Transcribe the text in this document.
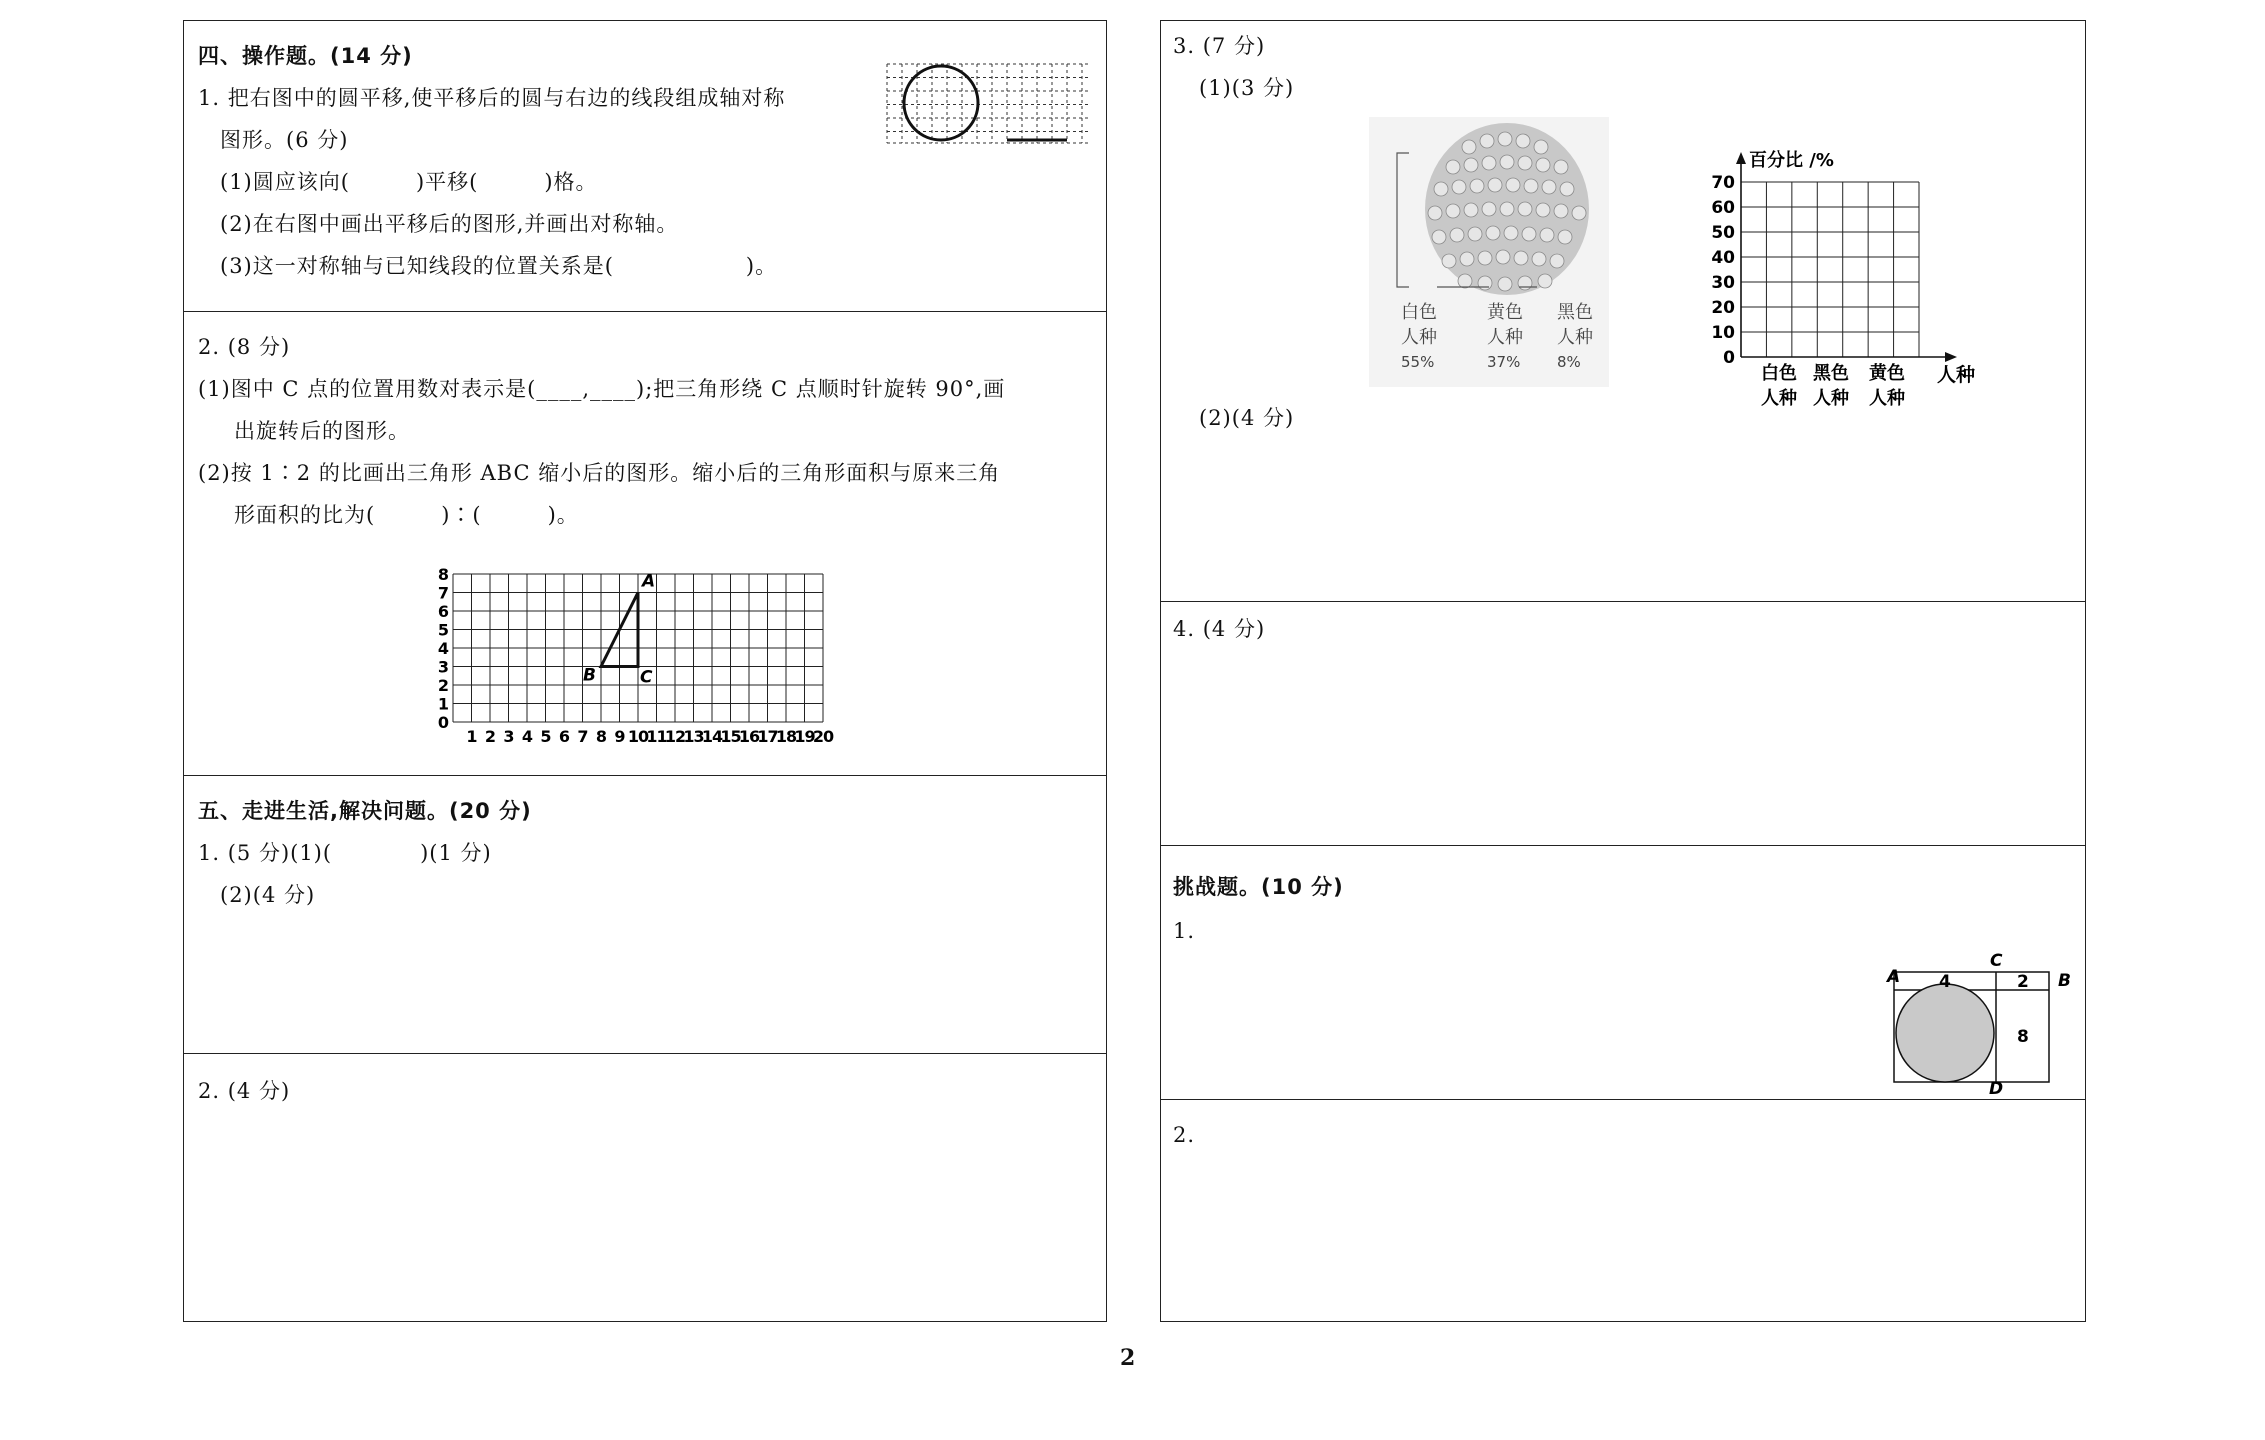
四、操作题。(14 分)
1. 把右图中的圆平移,使平移后的圆与右边的线段组成轴对称
图形。(6 分)
(1)圆应该向(　　　)平移(　　　)格。
(2)在右图中画出平移后的图形,并画出对称轴。
(3)这一对称轴与已知线段的位置关系是(　　　　　　)。
2. (8 分)
(1)图中 C 点的位置用数对表示是(____,____);把三角形绕 C 点顺时针旋转 90°,画
出旋转后的图形。
(2)按 1∶2 的比画出三角形 ABC 缩小后的图形。缩小后的三角形面积与原来三角
形面积的比为(　　　)∶(　　　)。
0
1
2
3
4
5
6
7
8
1 2 3 4 5 6 7 8 9 10
11
12
13
14
15
16
17
18
19
20
A
B	C
五、走进生活,解决问题。(20 分)
1. (5 分)(1)(　　　　)(1 分)
(2)(4 分)
2. (4 分)
3. (7 分)
(1)(3 分)
(2)(4 分)
白色
人种
55%
黄色
人种
37%
黑色
人种
8%	0
10
20
30
40
50
60
70
百分比 /%
人种
白色
人种
黑色
人种
黄色
人种
4. (4 分)
挑战题。(10 分)
1.
A	B
C
D
4	2
8
2.
2
